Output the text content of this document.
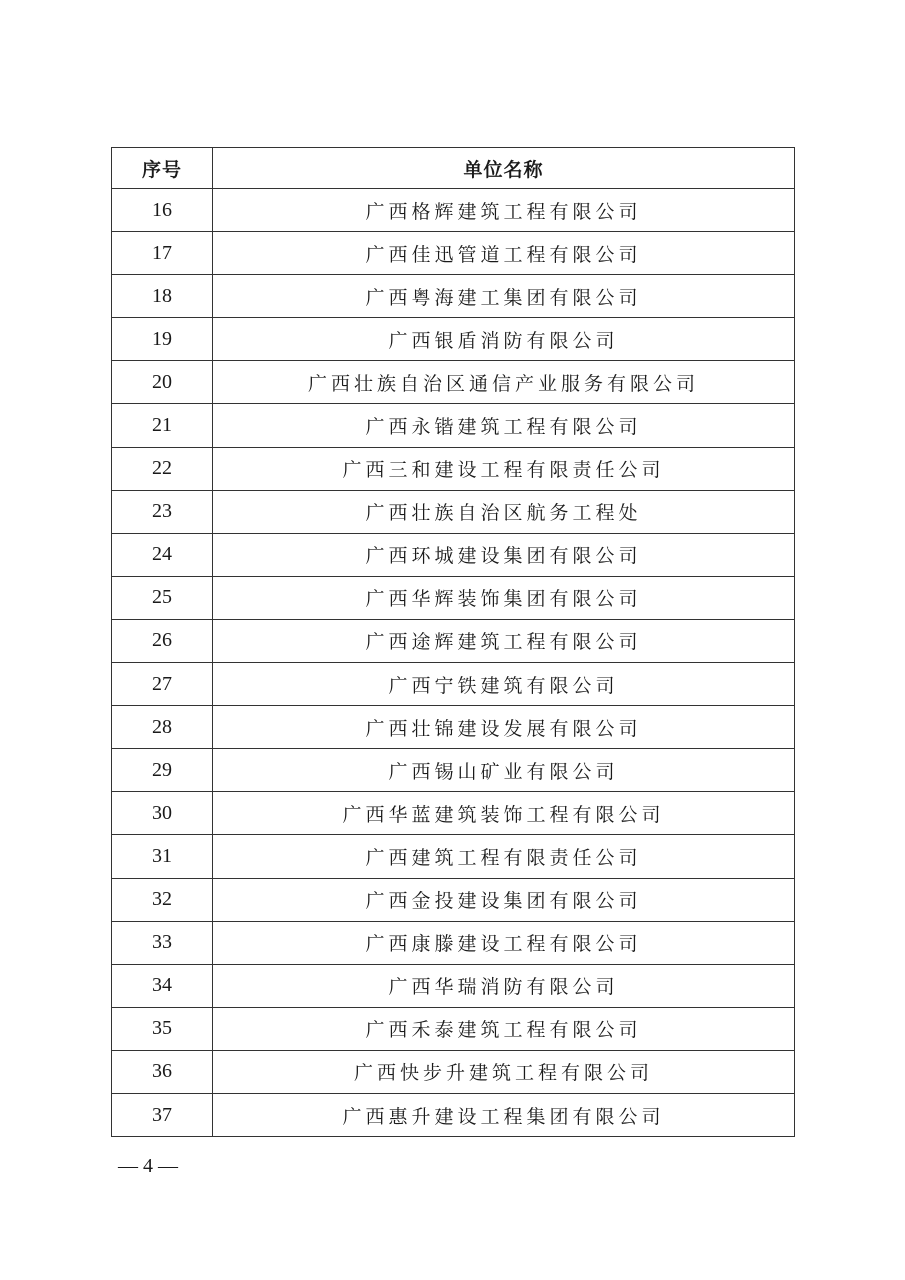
序号	单位名称
16	广西格辉建筑工程有限公司
17	广西佳迅管道工程有限公司
18	广西粤海建工集团有限公司
19	广西银盾消防有限公司
20	广西壮族自治区通信产业服务有限公司
21	广西永锴建筑工程有限公司
22	广西三和建设工程有限责任公司
23	广西壮族自治区航务工程处
24	广西环城建设集团有限公司
25	广西华辉装饰集团有限公司
26	广西途辉建筑工程有限公司
27	广西宁铁建筑有限公司
28	广西壮锦建设发展有限公司
29	广西锡山矿业有限公司
30	广西华蓝建筑装饰工程有限公司
31	广西建筑工程有限责任公司
32	广西金投建设集团有限公司
33	广西康滕建设工程有限公司
34	广西华瑞消防有限公司
35	广西禾泰建筑工程有限公司
36	广西快步升建筑工程有限公司
37	广西惠升建设工程集团有限公司
— 4 —
